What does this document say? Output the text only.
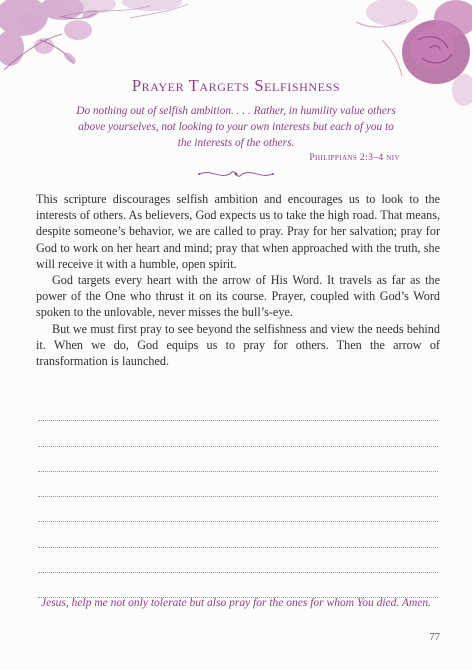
Prayer Targets Selfishness
Do nothing out of selfish ambition. . . . Rather, in humility value others above yourselves, not looking to your own interests but each of you to the interests of the others.
Philippians 2:3–4 niv

This scripture discourages selfish ambition and encourages us to look to the interests of others. As believers, God expects us to take the high road. That means, despite someone’s behavior, we are called to pray. Pray for her salvation; pray for God to work on her heart and mind; pray that when approached with the truth, she will receive it with a humble, open spirit.

God targets every heart with the arrow of His Word. It travels as far as the power of the One who thrust it on its course. Prayer, coupled with God’s Word spoken to the unlovable, never misses the bull’s-eye.

But we must first pray to see beyond the selfishness and view the needs behind it. When we do, God equips us to pray for others. Then the arrow of transformation is launched.

Jesus, help me not only tolerate but also pray for the ones for whom You died. Amen.
77
